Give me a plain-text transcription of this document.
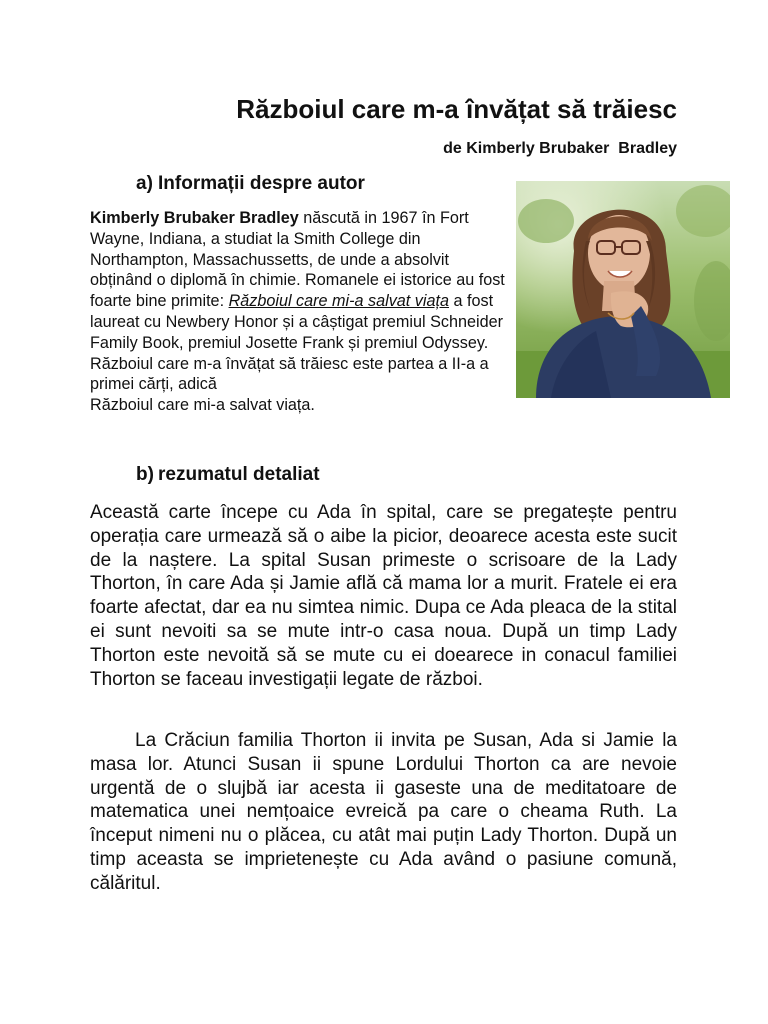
Războiul care m-a învățat să trăiesc
de Kimberly Brubaker  Bradley
a) Informații despre autor
Kimberly Brubaker Bradley născută in 1967 în Fort Wayne, Indiana, a studiat la Smith College din Northampton, Massachussetts, de unde a absolvit obținând o diplomă în chimie. Romanele ei istorice au fost foarte bine primite: Războiul care mi-a salvat viața a fost laureat cu Newbery Honor și a câștigat premiul Schneider Family Book, premiul Josette Frank și premiul Odyssey. Războiul care m-a învățat să trăiesc este partea a II-a a primei cărți, adică
Războiul care mi-a salvat viața.
b) rezumatul detaliat

Această carte începe cu Ada în spital, care se pregatește pentru operația care urmează să o aibe la picior, deoarece acesta este sucit de la naștere. La spital Susan primeste o scrisoare de la Lady Thorton, în care Ada și Jamie află că mama lor a murit. Fratele ei era foarte afectat, dar ea nu simtea nimic. Dupa ce Ada pleaca de la stital ei sunt nevoiti sa se mute intr-o casa noua. După un timp Lady Thorton este nevoită să se mute cu ei doearece in conacul familiei Thorton se faceau investigații legate de război.

La Crăciun familia Thorton ii invita pe Susan, Ada si Jamie la masa lor. Atunci Susan ii spune Lordului Thorton ca are nevoie urgentă de o slujbă iar acesta ii gaseste una de meditatoare de matematica unei nemțoaice evreică pa care o cheama Ruth. La început nimeni nu o plăcea, cu atât mai puțin Lady Thorton. După un timp aceasta se imprietenește cu Ada având o pasiune comună, călăritul.
